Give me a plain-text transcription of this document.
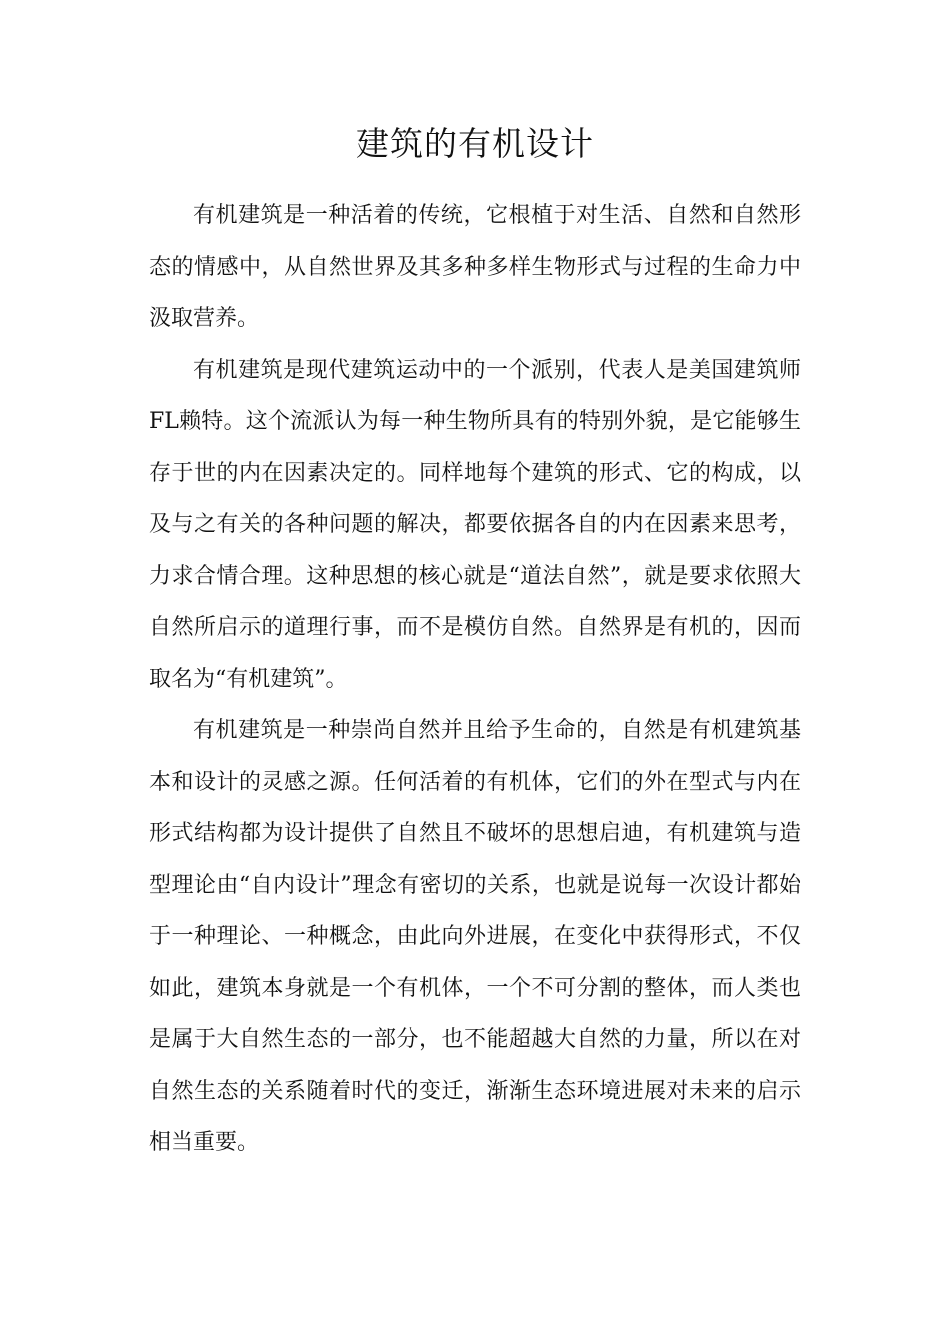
建筑的有机设计

有机建筑是一种活着的传统，它根植于对生活、自然和自然形态的情感中，从自然世界及其多种多样生物形式与过程的生命力中汲取营养。

有机建筑是现代建筑运动中的一个派别，代表人是美国建筑师FL赖特。这个流派认为每一种生物所具有的特别外貌，是它能够生存于世的内在因素决定的。同样地每个建筑的形式、它的构成，以及与之有关的各种问题的解决，都要依据各自的内在因素来思考，力求合情合理。这种思想的核心就是“道法自然”，就是要求依照大自然所启示的道理行事，而不是模仿自然。自然界是有机的，因而取名为“有机建筑”。

有机建筑是一种崇尚自然并且给予生命的，自然是有机建筑基本和设计的灵感之源。任何活着的有机体，它们的外在型式与内在形式结构都为设计提供了自然且不破坏的思想启迪，有机建筑与造型理论由“自内设计”理念有密切的关系，也就是说每一次设计都始于一种理论、一种概念，由此向外进展，在变化中获得形式，不仅如此，建筑本身就是一个有机体，一个不可分割的整体，而人类也是属于大自然生态的一部分，也不能超越大自然的力量，所以在对自然生态的关系随着时代的变迁，渐渐生态环境进展对未来的启示相当重要。
